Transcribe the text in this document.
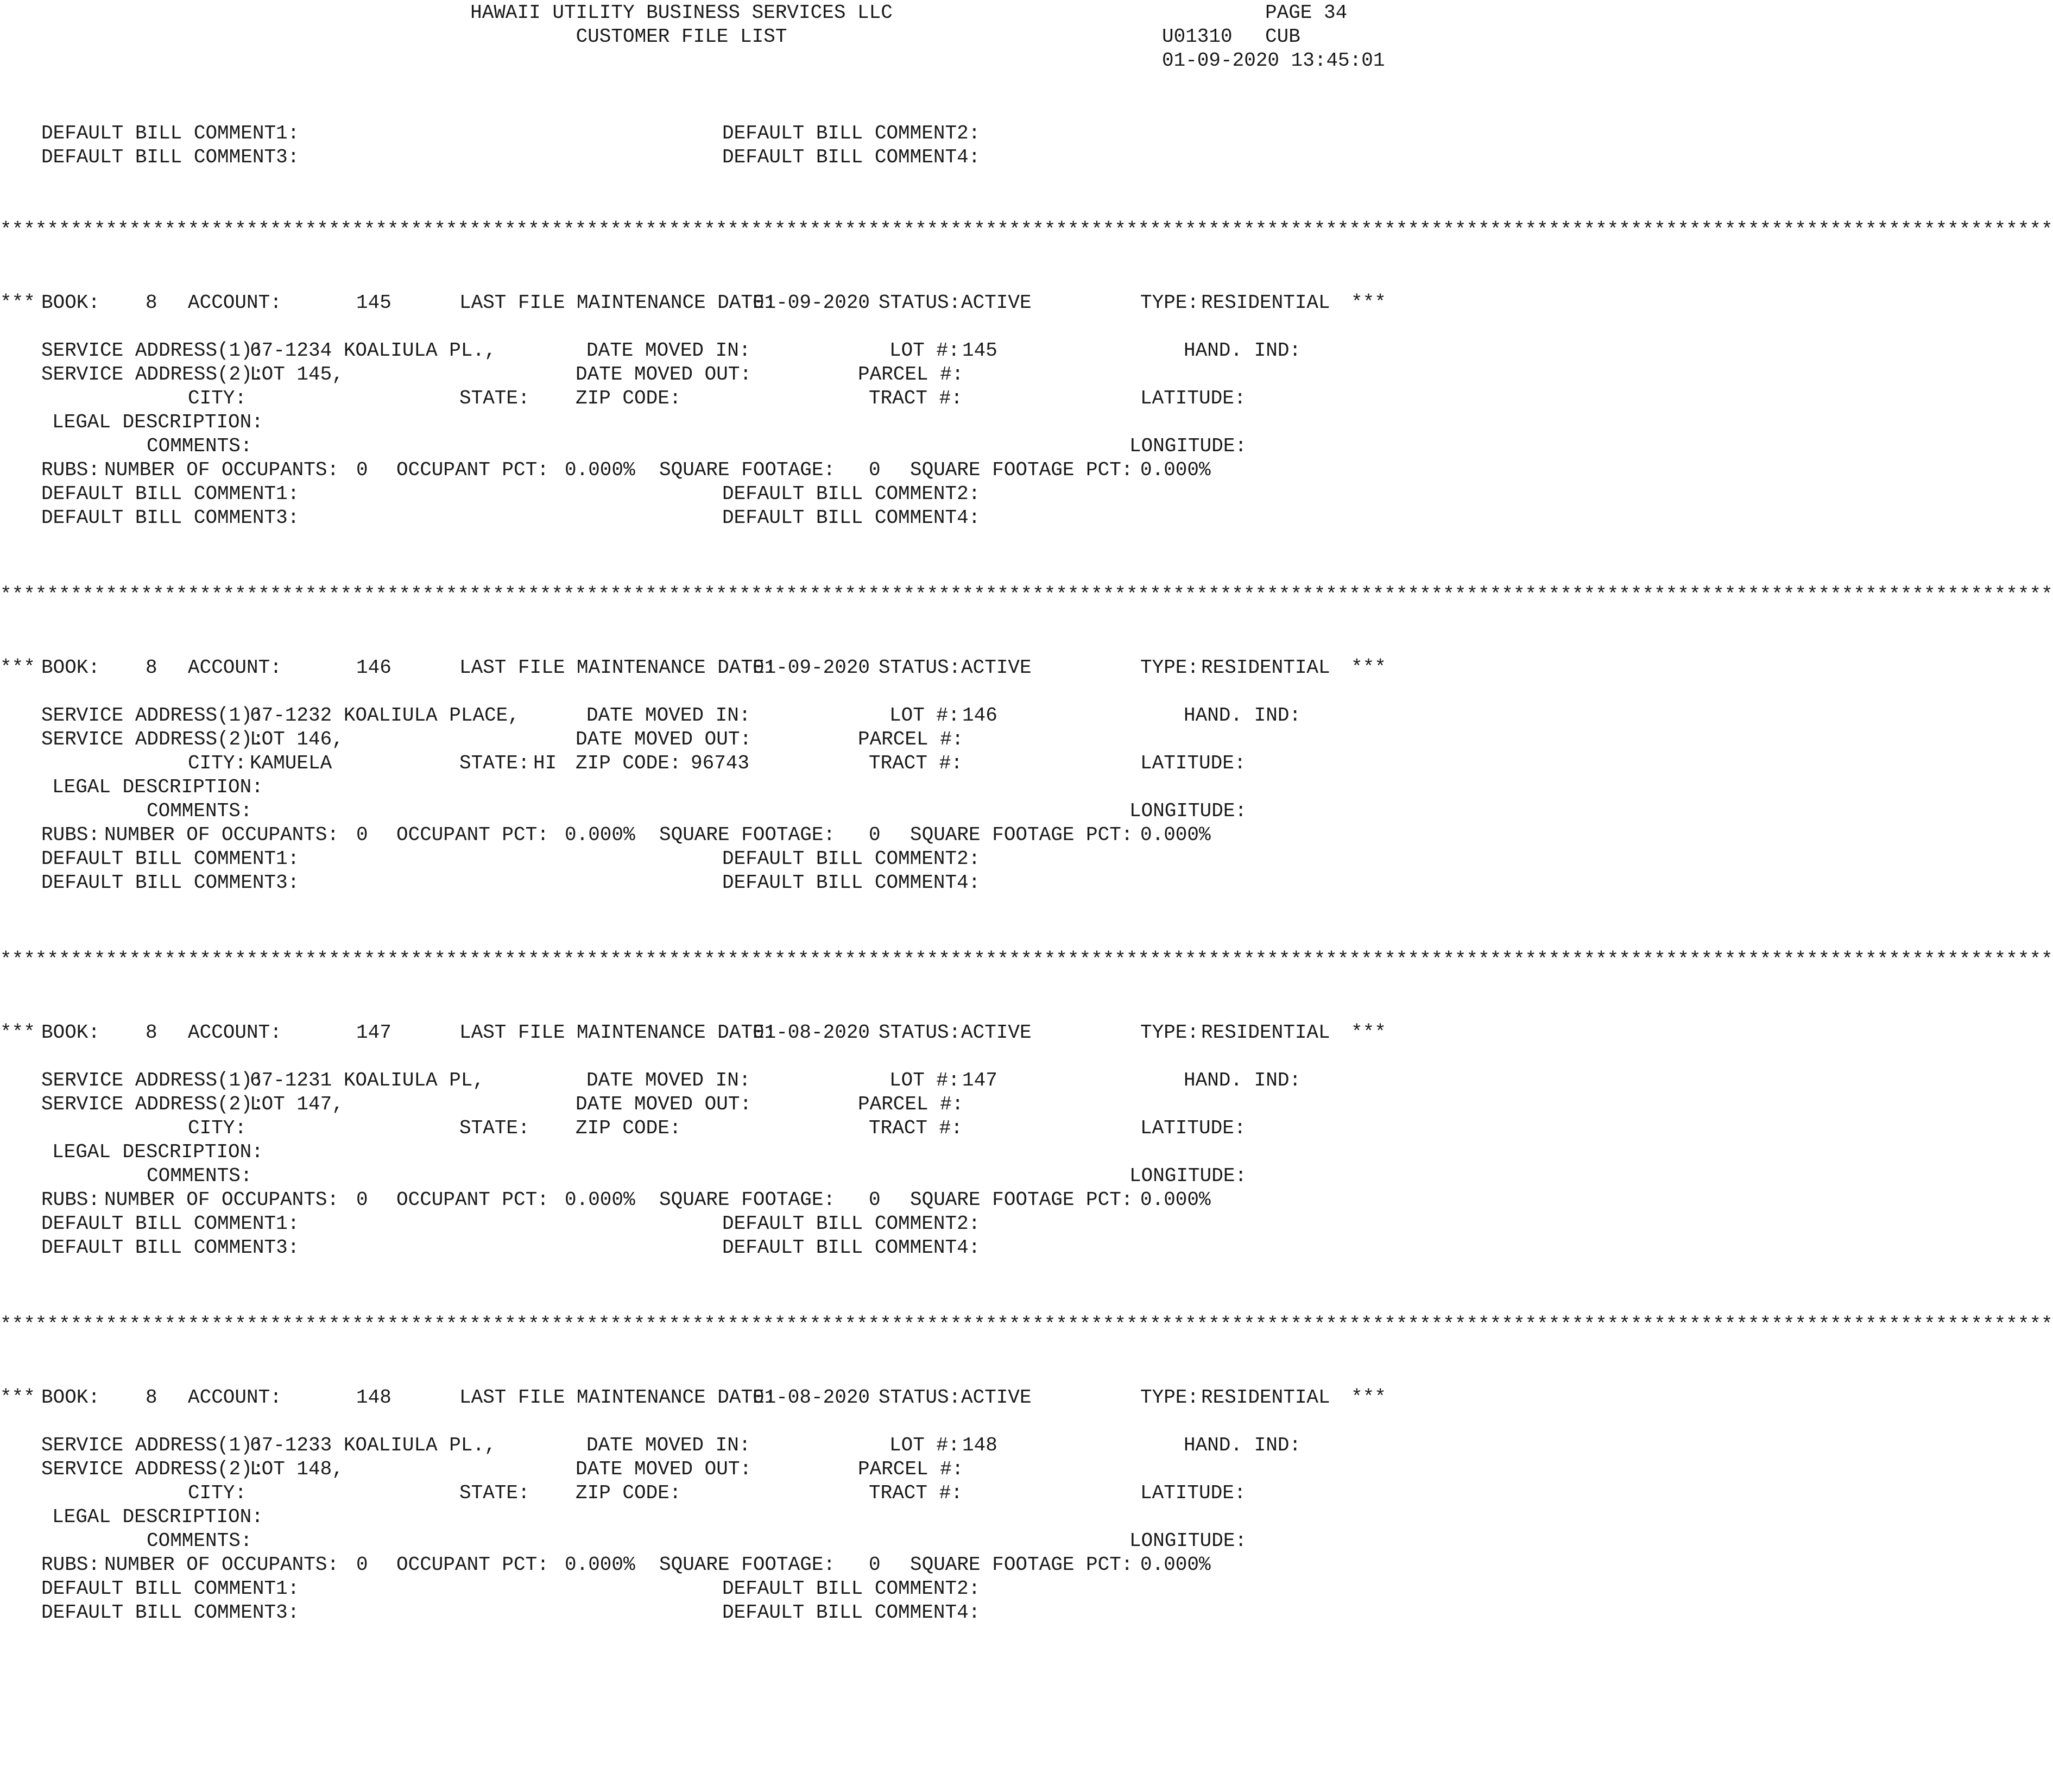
HAWAII UTILITY BUSINESS SERVICES LLC
CUSTOMER FILE LIST
PAGE 34
U01310 CUB
01-09-2020 13:45:01
DEFAULT BILL COMMENT1:	DEFAULT BILL COMMENT2:
DEFAULT BILL COMMENT3:	DEFAULT BILL COMMENT4:
*******************************************************************************************************************************************************************************
*** BOOK: 8 ACCOUNT:	145	LAST FILE MAINTENANCE DATE:
01-09-2020 STATUS: ACTIVE	TYPE: RESIDENTIAL ***
SERVICE ADDRESS(1):
67-1234 KOALIULA PL.,	DATE MOVED IN:	LOT #: 145	HAND. IND:
SERVICE ADDRESS(2):
LOT 145,	DATE MOVED OUT:	PARCEL #:
CITY:	STATE: ZIP CODE:	TRACT #:	LATITUDE:
LEGAL DESCRIPTION:
COMMENTS:	LONGITUDE:
RUBS: NUMBER OF OCCUPANTS: 0 OCCUPANT PCT: 0.000% SQUARE FOOTAGE: 0 SQUARE FOOTAGE PCT: 0.000%
DEFAULT BILL COMMENT1:	DEFAULT BILL COMMENT2:
DEFAULT BILL COMMENT3:	DEFAULT BILL COMMENT4:
*******************************************************************************************************************************************************************************
*** BOOK: 8 ACCOUNT:	146	LAST FILE MAINTENANCE DATE:
01-09-2020 STATUS: ACTIVE	TYPE: RESIDENTIAL ***
SERVICE ADDRESS(1):
67-1232 KOALIULA PLACE,	DATE MOVED IN:	LOT #: 146	HAND. IND:
SERVICE ADDRESS(2):
LOT 146,	DATE MOVED OUT:	PARCEL #:
CITY: KAMUELA	STATE: HI ZIP CODE: 96743	TRACT #:	LATITUDE:
LEGAL DESCRIPTION:
COMMENTS:	LONGITUDE:
RUBS: NUMBER OF OCCUPANTS: 0 OCCUPANT PCT: 0.000% SQUARE FOOTAGE: 0 SQUARE FOOTAGE PCT: 0.000%
DEFAULT BILL COMMENT1:	DEFAULT BILL COMMENT2:
DEFAULT BILL COMMENT3:	DEFAULT BILL COMMENT4:
*******************************************************************************************************************************************************************************
*** BOOK: 8 ACCOUNT:	147	LAST FILE MAINTENANCE DATE:
01-08-2020 STATUS: ACTIVE	TYPE: RESIDENTIAL ***
SERVICE ADDRESS(1):
67-1231 KOALIULA PL,	DATE MOVED IN:	LOT #: 147	HAND. IND:
SERVICE ADDRESS(2):
LOT 147,	DATE MOVED OUT:	PARCEL #:
CITY:	STATE: ZIP CODE:	TRACT #:	LATITUDE:
LEGAL DESCRIPTION:
COMMENTS:	LONGITUDE:
RUBS: NUMBER OF OCCUPANTS: 0 OCCUPANT PCT: 0.000% SQUARE FOOTAGE: 0 SQUARE FOOTAGE PCT: 0.000%
DEFAULT BILL COMMENT1:	DEFAULT BILL COMMENT2:
DEFAULT BILL COMMENT3:	DEFAULT BILL COMMENT4:
*******************************************************************************************************************************************************************************
*** BOOK: 8 ACCOUNT:	148	LAST FILE MAINTENANCE DATE:
01-08-2020 STATUS: ACTIVE	TYPE: RESIDENTIAL ***
SERVICE ADDRESS(1):
67-1233 KOALIULA PL.,	DATE MOVED IN:	LOT #: 148	HAND. IND:
SERVICE ADDRESS(2):
LOT 148,	DATE MOVED OUT:	PARCEL #:
CITY:	STATE: ZIP CODE:	TRACT #:	LATITUDE:
LEGAL DESCRIPTION:
COMMENTS:	LONGITUDE:
RUBS: NUMBER OF OCCUPANTS: 0 OCCUPANT PCT: 0.000% SQUARE FOOTAGE: 0 SQUARE FOOTAGE PCT: 0.000%
DEFAULT BILL COMMENT1:	DEFAULT BILL COMMENT2:
DEFAULT BILL COMMENT3:	DEFAULT BILL COMMENT4:
